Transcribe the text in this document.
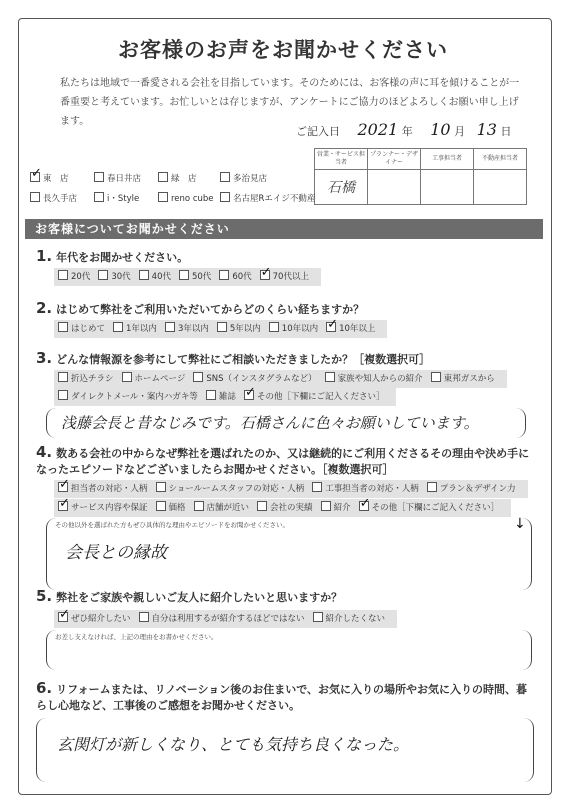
お客様のお声をお聞かせください
私たちは地域で一番愛される会社を目指しています。そのためには、お客様の声に耳を傾けることが一番重要と考えています。お忙しいとは存じますが、アンケートにご協力のほどよろしくお願い申し上げます。
ご記入日 2021 年 10 月 13 日
営業・サービス担当者	プランナー・デザイナー	工事担当者	不動産担当者
石橋			
✓東　店	春日井店	緑　店	多治見店
長久手店	i・Style	reno cube	名古屋Rエイジ不動産
お客様についてお聞かせください
1. 年代をお聞かせください。
20代 30代 40代 50代 60代 ✓ 70代以上
2. はじめて弊社をご利用いただいてからどのくらい経ちますか？
はじめて 1年以内 3年以内 5年以内 10年以内 ✓ 10年以上
3. どんな情報源を参考にして弊社にご相談いただきましたか？［複数選択可］
折込チラシ ホームページ SNS（インスタグラムなど） 家族や知人からの紹介 東邦ガスから
ダイレクトメール・案内ハガキ等 雑誌 ✓ その他［下欄にご記入ください］
浅藤会長と昔なじみです。石橋さんに色々お願いしています。
4. 数ある会社の中からなぜ弊社を選ばれたのか、又は継続的にご利用くださるその理由や決め手になったエピソードなどございましたらお聞かせください。［複数選択可］
✓担当者の対応・人柄 ショールームスタッフの対応・人柄 工事担当者の対応・人柄 プラン＆デザイン力
✓サービス内容や保証 価格 店舗が近い 会社の実績 紹介 ✓ その他［下欄にご記入ください］
↓
その他以外を選ばれた方もぜひ具体的な理由やエピソードをお聞かせください。
会長との縁故
5. 弊社をご家族や親しいご友人に紹介したいと思いますか？
✓ぜひ紹介したい 自分は利用するが紹介するほどではない 紹介したくない
お差し支えなければ、上記の理由をお書かせください。
6. リフォームまたは、リノベーション後のお住まいで、お気に入りの場所やお気に入りの時間、暮らし心地など、工事後のご感想をお聞かせください。
玄関灯が新しくなり、とても気持ち良くなった。
